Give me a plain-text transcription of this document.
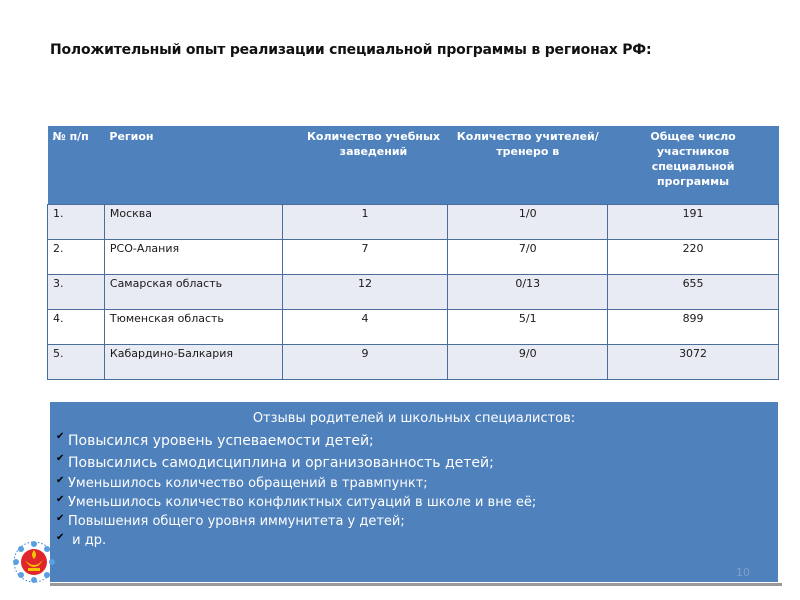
Положительный опыт реализации специальной программы в регионах РФ:
№ п/п	Регион	Количество учебных заведений	Количество учителей/тренеро в	Общее число участников специальной программы
1.	Москва	1	1/0	191
2.	РСО-Алания	7	7/0	220
3.	Самарская область	12	0/13	655
4.	Тюменская область	4	5/1	899
5.	Кабардино-Балкария	9	9/0	3072
Отзывы родителей и школьных специалистов:
✔ Повысился уровень успеваемости детей;
✔ Повысились самодисциплина и организованность детей;
✔ Уменьшилось количество обращений в травмпункт;
✔ Уменьшилось количество конфликтных ситуаций в школе и вне её;
✔ Повышения общего уровня иммунитета у детей;
✔ и др.
10
